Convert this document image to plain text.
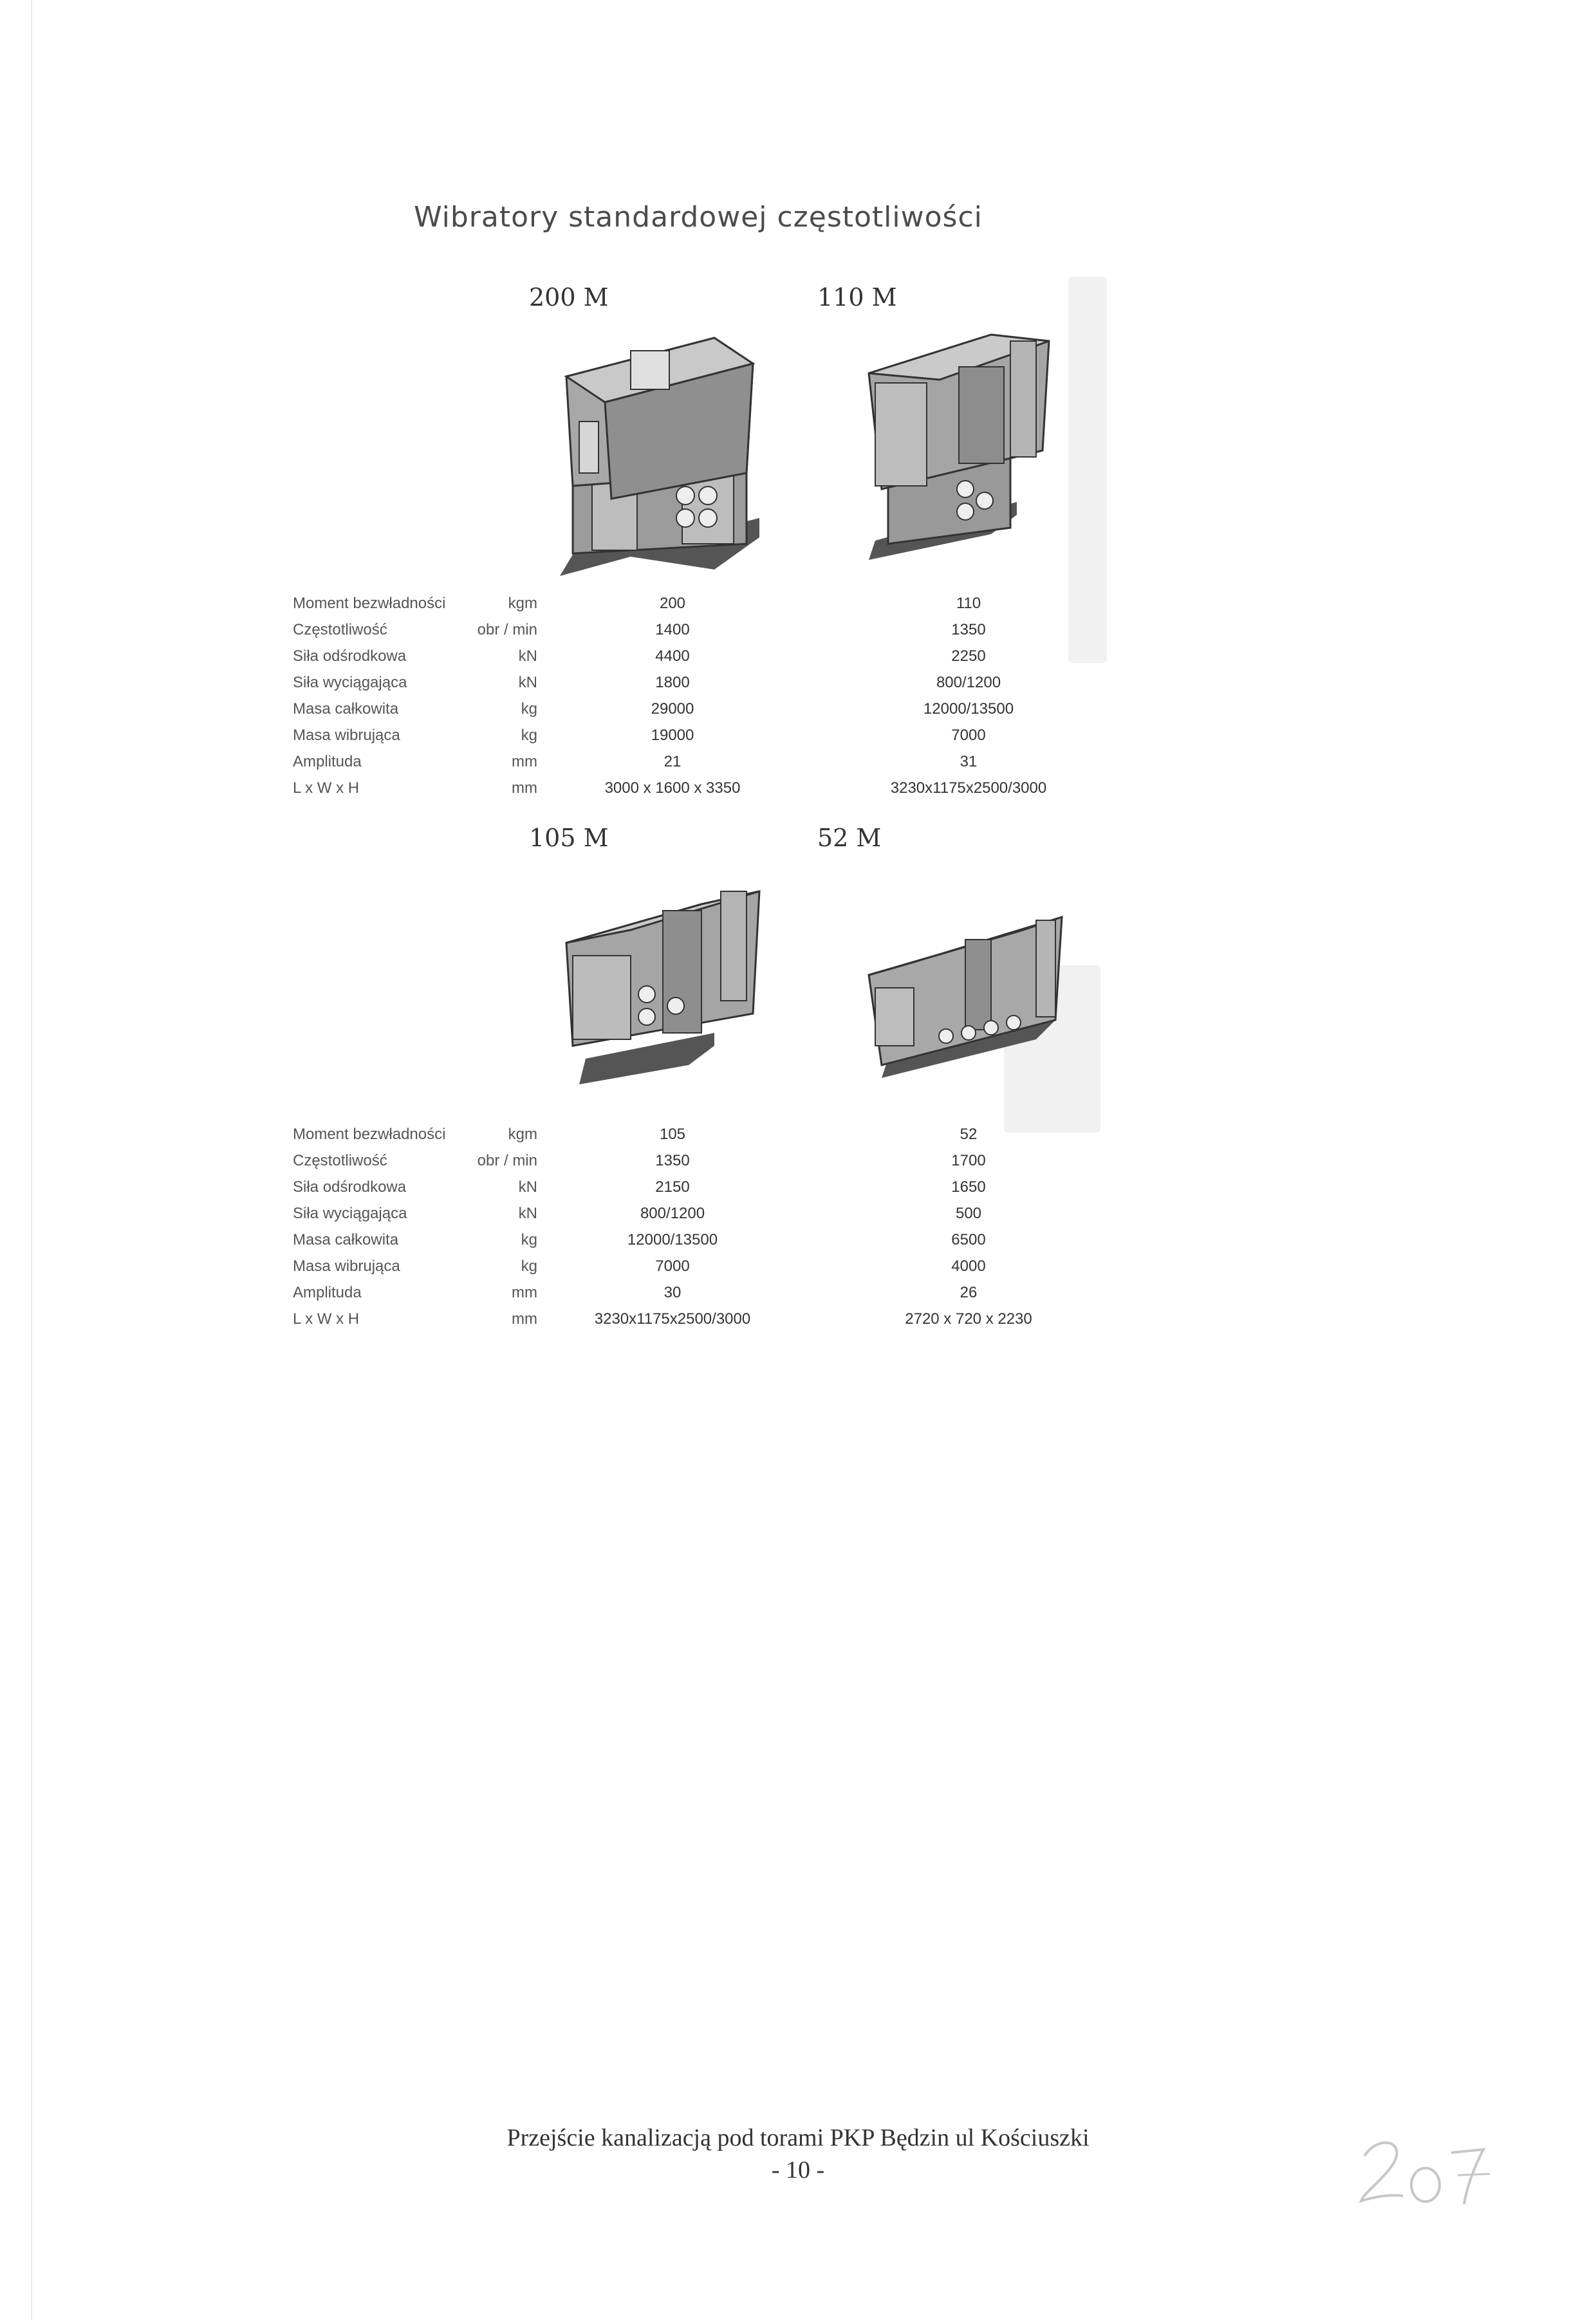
Wibratory standardowej częstotliwości
200 M	110 M
Moment bezwładności	kgm	200	110
Częstotliwość	obr / min	1400	1350
Siła odśrodkowa	kN	4400	2250
Siła wyciągająca	kN	1800	800/1200
Masa całkowita	kg	29000	12000/13500
Masa wibrująca	kg	19000	7000
Amplituda	mm	21	31
L x W x H	mm	3000 x 1600 x 3350	3230x1175x2500/3000
105 M	52 M
Moment bezwładności	kgm	105	52
Częstotliwość	obr / min	1350	1700
Siła odśrodkowa	kN	2150	1650
Siła wyciągająca	kN	800/1200	500
Masa całkowita	kg	12000/13500	6500
Masa wibrująca	kg	7000	4000
Amplituda	mm	30	26
L x W x H	mm	3230x1175x2500/3000	2720 x 720 x 2230
Przejście kanalizacją pod torami PKP Będzin ul Kościuszki
- 10 -
